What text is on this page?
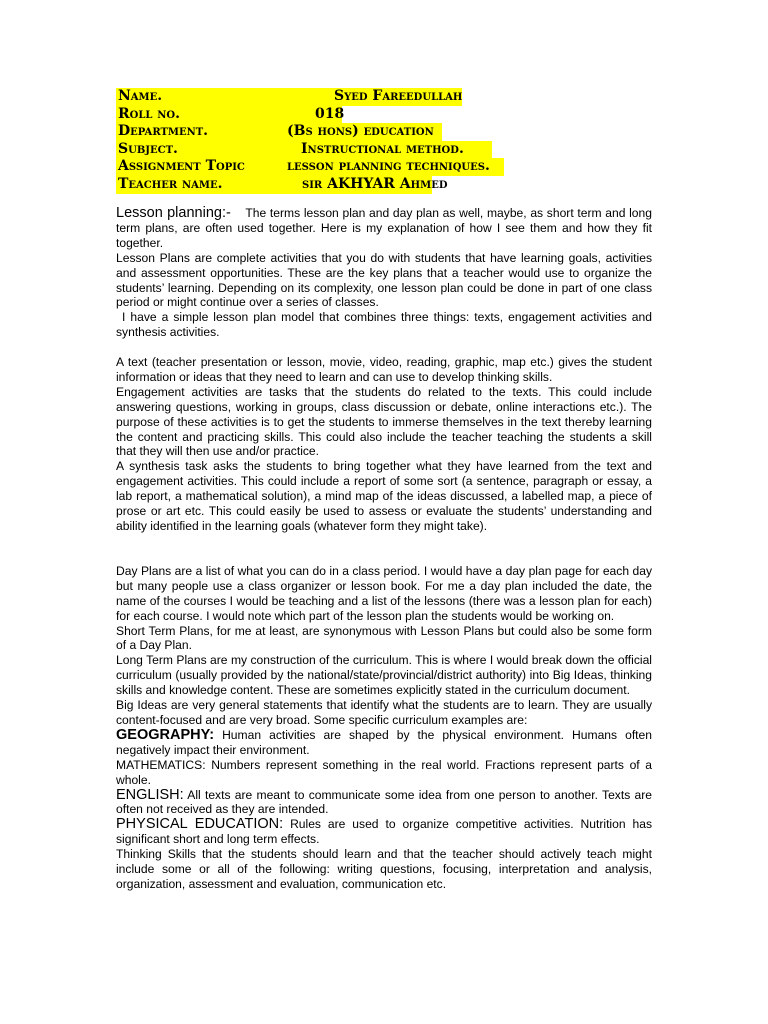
Name.	Syed Fareedullah
Roll no.	018
Department.	(Bs hons) education
Subject.	Instructional method.
Assignment Topic	lesson planning techniques.
Teacher name.	sir AKHYAR Ahmed

Lesson planning:- The terms lesson plan and day plan as well, maybe, as short term and long term plans, are often used together. Here is my explanation of how I see them and how they fit together.

Lesson Plans are complete activities that you do with students that have learning goals, activities and assessment opportunities. These are the key plans that a teacher would use to organize the students’ learning. Depending on its complexity, one lesson plan could be done in part of one class period or might continue over a series of classes.

I have a simple lesson plan model that combines three things: texts, engagement activities and synthesis activities.

A text (teacher presentation or lesson, movie, video, reading, graphic, map etc.) gives the student information or ideas that they need to learn and can use to develop thinking skills.

Engagement activities are tasks that the students do related to the texts. This could include answering questions, working in groups, class discussion or debate, online interactions etc.). The purpose of these activities is to get the students to immerse themselves in the text thereby learning the content and practicing skills. This could also include the teacher teaching the students a skill that they will then use and/or practice.

A synthesis task asks the students to bring together what they have learned from the text and engagement activities. This could include a report of some sort (a sentence, paragraph or essay, a lab report, a mathematical solution), a mind map of the ideas discussed, a labelled map, a piece of prose or art etc. This could easily be used to assess or evaluate the students’ understanding and ability identified in the learning goals (whatever form they might take).

Day Plans are a list of what you can do in a class period. I would have a day plan page for each day but many people use a class organizer or lesson book. For me a day plan included the date, the name of the courses I would be teaching and a list of the lessons (there was a lesson plan for each) for each course. I would note which part of the lesson plan the students would be working on.

Short Term Plans, for me at least, are synonymous with Lesson Plans but could also be some form of a Day Plan.

Long Term Plans are my construction of the curriculum. This is where I would break down the official curriculum (usually provided by the national/state/provincial/district authority) into Big Ideas, thinking skills and knowledge content. These are sometimes explicitly stated in the curriculum document.

Big Ideas are very general statements that identify what the students are to learn. They are usually content-focused and are very broad. Some specific curriculum examples are:

GEOGRAPHY: Human activities are shaped by the physical environment. Humans often negatively impact their environment.

MATHEMATICS: Numbers represent something in the real world. Fractions represent parts of a whole.

ENGLISH: All texts are meant to communicate some idea from one person to another. Texts are often not received as they are intended.

PHYSICAL EDUCATION: Rules are used to organize competitive activities. Nutrition has significant short and long term effects.

Thinking Skills that the students should learn and that the teacher should actively teach might include some or all of the following: writing questions, focusing, interpretation and analysis, organization, assessment and evaluation, communication etc.
